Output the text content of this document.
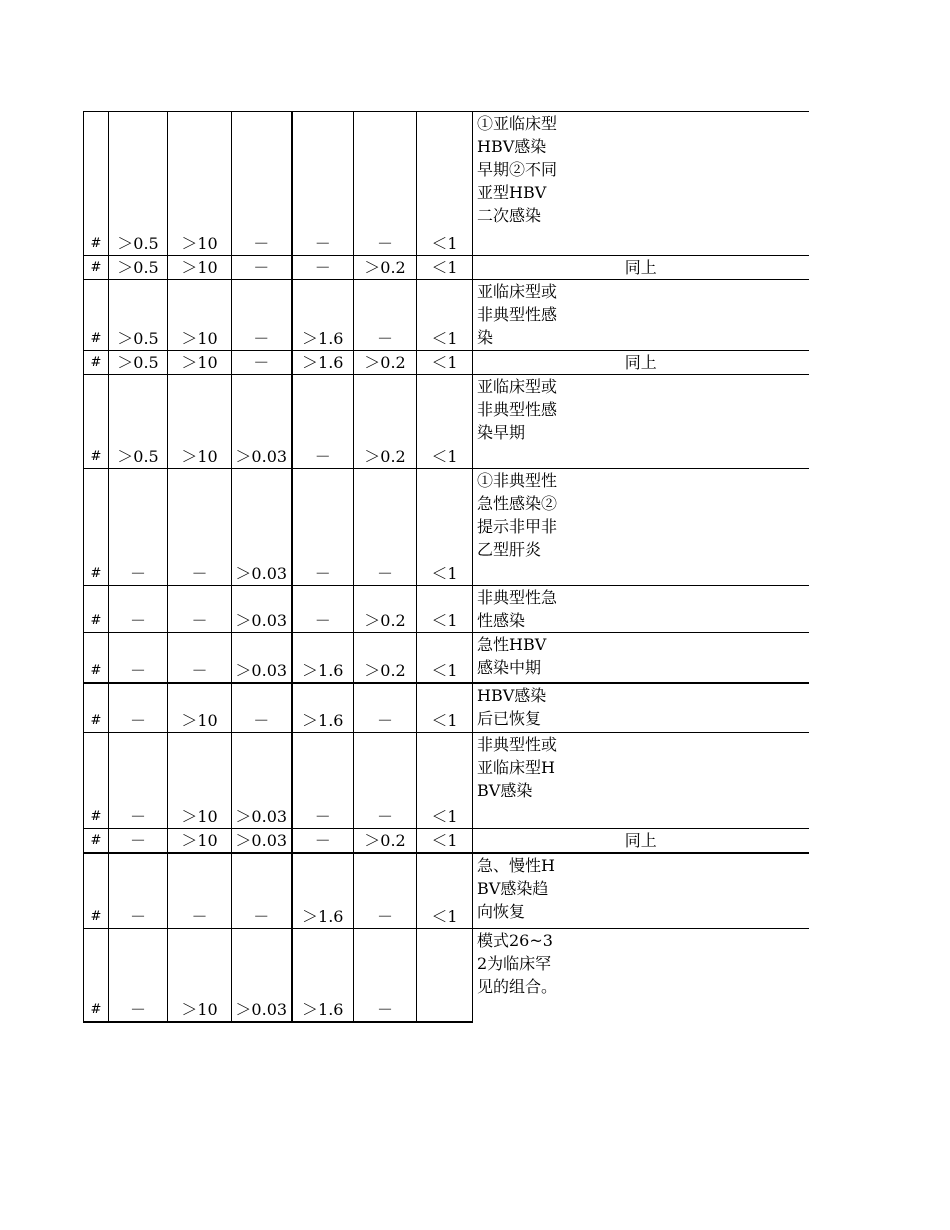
#	＞0.5	＞10	－	－	－	＜1	①亚临床型HBV感染早期②不同亚型HBV二次感染

#	＞0.5	＞10	－	－	＞0.2	＜1	同上
#	＞0.5	＞10	－	＞1.6	－	＜1	亚临床型或非典型性感染

#	＞0.5	＞10	－	＞1.6	＞0.2	＜1	同上
#	＞0.5	＞10	＞0.03	－	＞0.2	＜1	亚临床型或非典型性感染早期

#	－	－	＞0.03	－	－	＜1	①非典型性急性感染②提示非甲非乙型肝炎

#	－	－	＞0.03	－	＞0.2	＜1	非典型性急性感染

#	－	－	＞0.03	＞1.6	＞0.2	＜1	急性HBV感染中期

#	－	＞10	－	＞1.6	－	＜1	HBV感染后已恢复

#	－	＞10	＞0.03	－	－	＜1	非典型性或亚临床型HBV感染

#	－	＞10	＞0.03	－	＞0.2	＜1	同上
#	－	－	－	＞1.6	－	＜1	急、慢性HBV感染趋向恢复

#	－	＞10	＞0.03	＞1.6	－		模式26~32为临床罕见的组合。
